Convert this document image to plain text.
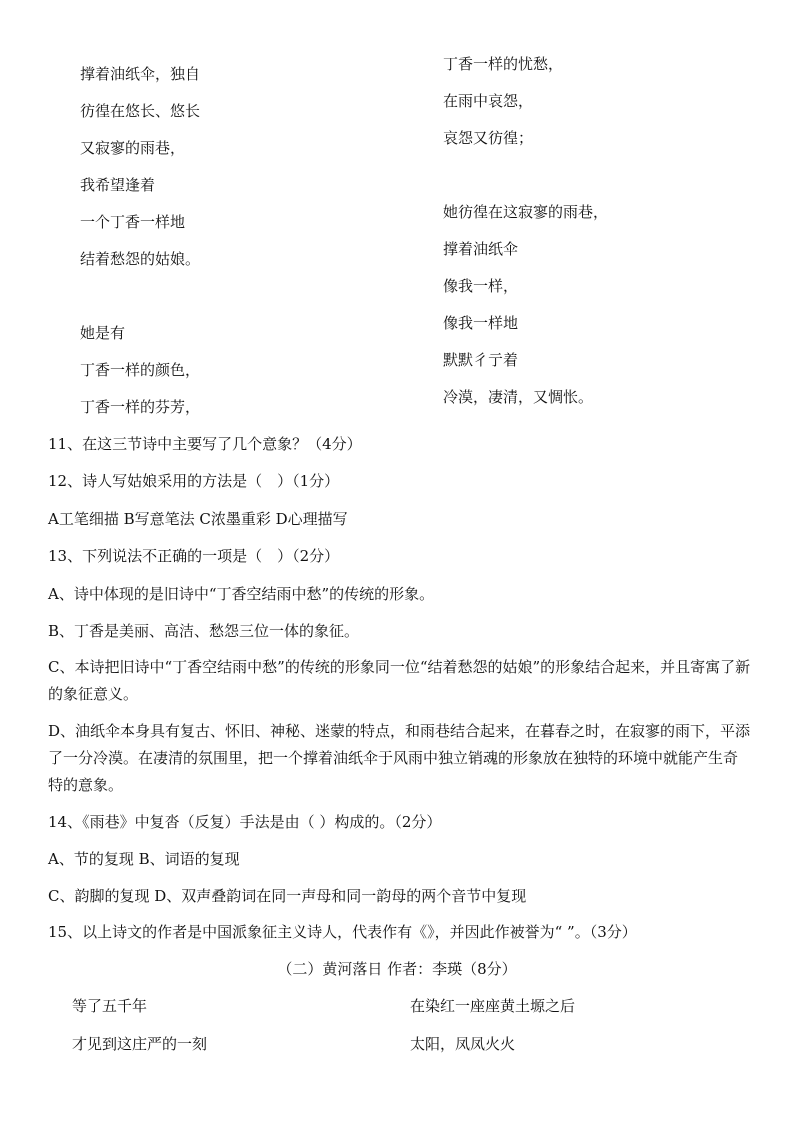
撑着油纸伞，独自
彷徨在悠长、悠长
又寂寥的雨巷，
我希望逢着
一个丁香一样地
结着愁怨的姑娘。
她是有
丁香一样的颜色，
丁香一样的芬芳，
丁香一样的忧愁，
在雨中哀怨，
哀怨又彷徨；
她彷徨在这寂寥的雨巷，
撑着油纸伞
像我一样，
像我一样地
默默彳亍着
冷漠，凄清，又惆怅。
11、在这三节诗中主要写了几个意象？（4分）
12、诗人写姑娘采用的方法是（　）（1分）
A工笔细描 B写意笔法 C浓墨重彩 D心理描写
13、下列说法不正确的一项是（　）（2分）
A、诗中体现的是旧诗中“丁香空结雨中愁”的传统的形象。
B、丁香是美丽、高洁、愁怨三位一体的象征。
C、本诗把旧诗中“丁香空结雨中愁”的传统的形象同一位“结着愁怨的姑娘”的形象结合起来，并且寄寓了新的象征意义。
D、油纸伞本身具有复古、怀旧、神秘、迷蒙的特点，和雨巷结合起来，在暮春之时，在寂寥的雨下，平添了一分冷漠。在凄清的氛围里，把一个撑着油纸伞于风雨中独立销魂的形象放在独特的环境中就能产生奇特的意象。
14、《雨巷》中复沓（反复）手法是由（ ）构成的。（2分）
A、节的复现 B、词语的复现
C、韵脚的复现 D、双声叠韵词在同一声母和同一韵母的两个音节中复现
15、以上诗文的作者是中国派象征主义诗人，代表作有《》，并因此作被誉为“ ”。（3分）
（二）黄河落日 作者：李瑛（8分）
等了五千年
才见到这庄严的一刻
在染红一座座黄土塬之后
太阳，凤凤火火
